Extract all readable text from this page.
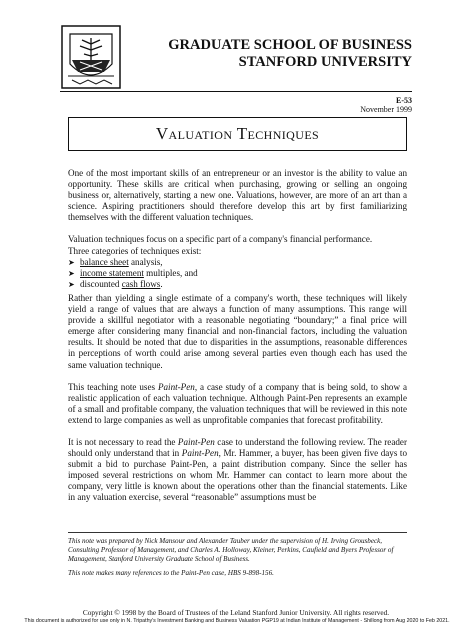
GRADUATE SCHOOL OF BUSINESS
STANFORD UNIVERSITY
E-53
November 1999
Valuation Techniques

One of the most important skills of an entrepreneur or an investor is the ability to value an opportunity. These skills are critical when purchasing, growing or selling an ongoing business or, alternatively, starting a new one. Valuations, however, are more of an art than a science. Aspiring practitioners should therefore develop this art by first familiarizing themselves with the different valuation techniques.

Valuation techniques focus on a specific part of a company's financial performance.
Three categories of techniques exist:

➤ balance sheet analysis,
➤ income statement multiples, and
➤ discounted cash flows.

Rather than yielding a single estimate of a company's worth, these techniques will likely yield a range of values that are always a function of many assumptions. This range will provide a skillful negotiator with a reasonable negotiating “boundary;” a final price will emerge after considering many financial and non-financial factors, including the valuation results. It should be noted that due to disparities in the assumptions, reasonable differences in perceptions of worth could arise among several parties even though each has used the same valuation technique.

This teaching note uses Paint-Pen, a case study of a company that is being sold, to show a realistic application of each valuation technique. Although Paint-Pen represents an example of a small and profitable company, the valuation techniques that will be reviewed in this note extend to large companies as well as unprofitable companies that forecast profitability.

It is not necessary to read the Paint-Pen case to understand the following review. The reader should only understand that in Paint-Pen, Mr. Hammer, a buyer, has been given five days to submit a bid to purchase Paint-Pen, a paint distribution company. Since the seller has imposed several restrictions on whom Mr. Hammer can contact to learn more about the company, very little is known about the operations other than the financial statements. Like in any valuation exercise, several “reasonable” assumptions must be

This note was prepared by Nick Mansour and Alexander Tauber under the supervision of H. Irving Grousbeck, Consulting Professor of Management, and Charles A. Holloway, Kleiner, Perkins, Caufield and Byers Professor of Management, Stanford University Graduate School of Business.

This note makes many references to the Paint-Pen case, HBS 9-898-156.

Copyright © 1998 by the Board of Trustees of the Leland Stanford Junior University. All rights reserved.
This document is authorized for use only in N. Tripathy's Investment Banking and Business Valuation PGP19 at Indian Institute of Management - Shillong from Aug 2020 to Feb 2021.
